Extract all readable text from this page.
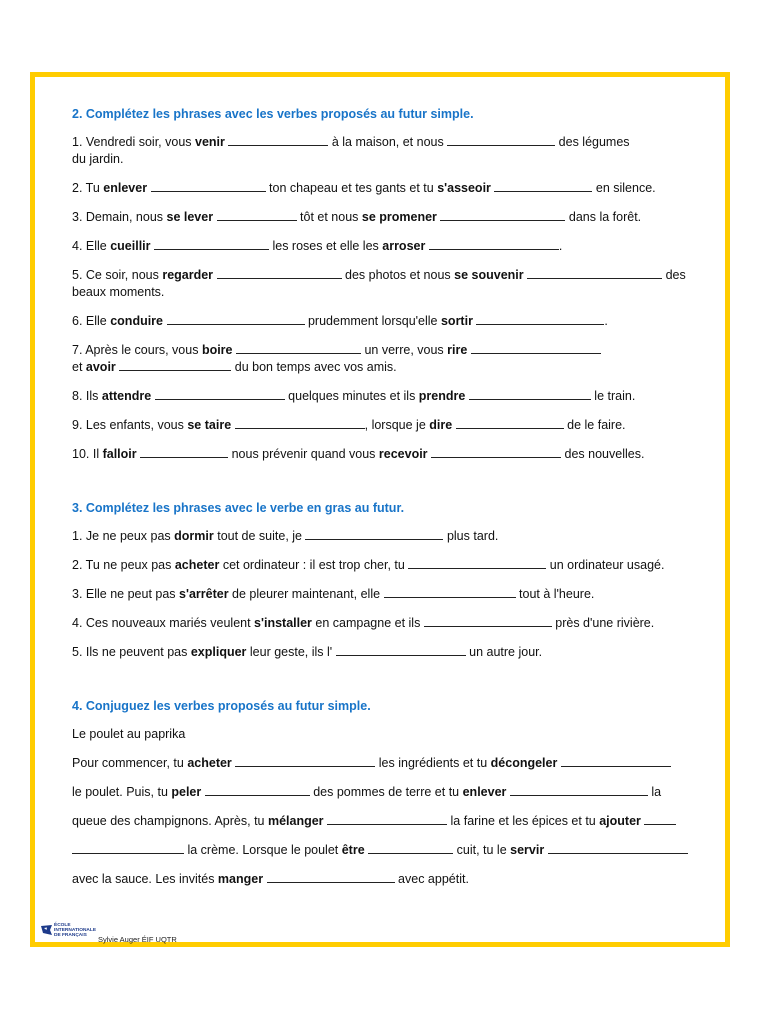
2. Complétez les phrases avec les verbes proposés au futur simple.

1. Vendredi soir, vous venir	à la maison, et nous	des légumes

du jardin.

2. Tu enlever	ton chapeau et tes gants et tu s'asseoir	en silence.

3. Demain, nous se lever	tôt et nous se promener	dans la forêt.

4. Elle cueillir	les roses et elle les arroser	.

5. Ce soir, nous regarder	des photos et nous se souvenir	des

beaux moments.

6. Elle conduire	prudemment lorsqu'elle sortir	.

7. Après le cours, vous boire	un verre, vous rire

et avoir	du bon temps avec vos amis.

8. Ils attendre	quelques minutes et ils prendre	le train.

9. Les enfants, vous se taire	, lorsque je dire	de le faire.

10. Il falloir	nous prévenir quand vous recevoir	des nouvelles.

3. Complétez les phrases avec le verbe en gras au futur.

1. Je ne peux pas dormir tout de suite, je	plus tard.

2. Tu ne peux pas acheter cet ordinateur : il est trop cher, tu	un ordinateur usagé.

3. Elle ne peut pas s'arrêter de pleurer maintenant, elle	tout à l'heure.

4. Ces nouveaux mariés veulent s'installer en campagne et ils	près d'une rivière.

5. Ils ne peuvent pas expliquer leur geste, ils l'	un autre jour.

4. Conjuguez les verbes proposés au futur simple.

Le poulet au paprika

Pour commencer, tu acheter	les ingrédients et tu décongeler

le poulet. Puis, tu peler	des pommes de terre et tu enlever	la

queue des champignons. Après, tu mélanger	la farine et les épices et tu ajouter

la crème. Lorsque le poulet être	cuit, tu le servir

avec la sauce. Les invités manger	avec appétit.

ÉCOLE
INTERNATIONALE
DE FRANÇAIS	Sylvie Auger ÉIF UQTR
